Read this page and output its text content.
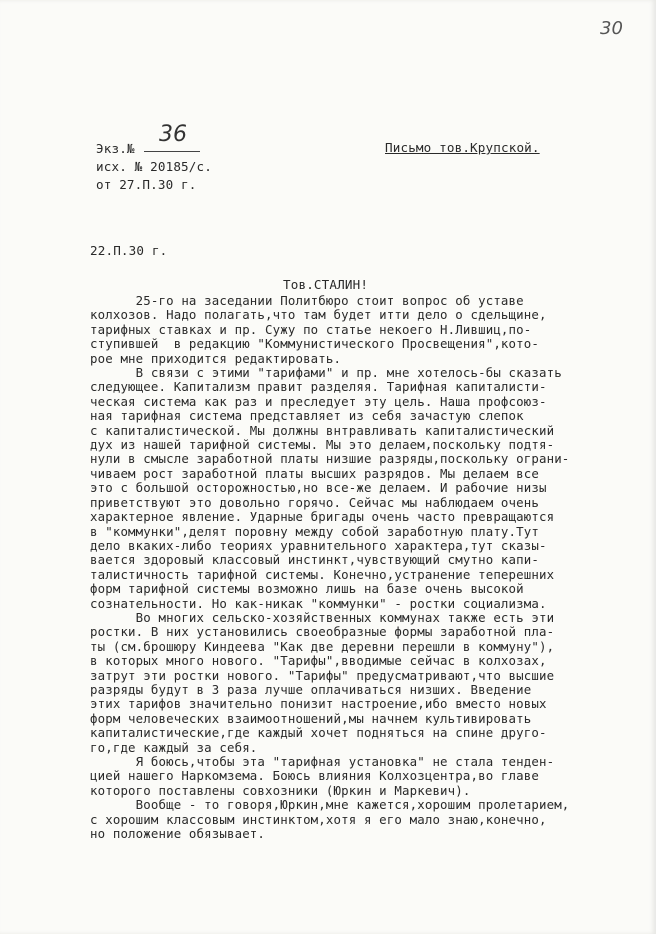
30
Экз.№
36
исх. № 20185/с.
от 27.П.30 г.
Письмо тов.Крупской.
22.П.30 г.
Тов.СТАЛИН!
25-го на заседании Политбюро стоит вопрос об уставе
колхозов. Надо полагать,что там будет итти дело о сдельщине,
тарифных ставках и пр. Сужу по статье некоего Н.Лившиц,по-
ступившей  в редакцию "Коммунистического Просвещения",кото-
рое мне приходится редактировать.
В связи с этими "тарифами" и пр. мне хотелось-бы сказать
следующее. Капитализм правит разделяя. Тарифная капиталисти-
ческая система как раз и преследует эту цель. Наша профсоюз-
ная тарифная система представляет из себя зачастую слепок
с капиталистической. Мы должны внтравливать капиталистический
дух из нашей тарифной системы. Мы это делаем,поскольку подтя-
нули в смысле заработной платы низшие разряды,поскольку ограни-
чиваем рост заработной платы высших разрядов. Мы делаем все
это с большой осторожностью,но все-же делаем. И рабочие низы
приветствуют это довольно горячо. Сейчас мы наблюдаем очень
характерное явление. Ударные бригады очень часто превращаются
в "коммунки",делят поровну между собой заработную плату.Тут
дело вкаких-либо теориях уравнительного характера,тут сказы-
вается здоровый классовый инстинкт,чувствующий смутно капи-
талистичность тарифной системы. Конечно,устранение теперешних
форм тарифной системы возможно лишь на базе очень высокой
сознательности. Но как-никак "коммунки" - ростки социализма.
Во многих сельско-хозяйственных коммунах также есть эти
ростки. В них установились своеобразные формы заработной пла-
ты (см.брошюру Киндеева "Как две деревни перешли в коммуну"),
в которых много нового. "Тарифы",вводимые сейчас в колхозах,
затрут эти ростки нового. "Тарифы" предусматривают,что высшие
разряды будут в 3 раза лучше оплачиваться низших. Введение
этих тарифов значительно понизит настроение,ибо вместо новых
форм человеческих взаимоотношений,мы начнем культивировать
капиталистические,где каждый хочет подняться на спине друго-
го,где каждый за себя.
Я боюсь,чтобы эта "тарифная установка" не стала тенден-
цией нашего Наркомзема. Боюсь влияния Колхозцентра,во главе
которого поставлены совхозники (Юркин и Маркевич).
Вообще - то говоря,Юркин,мне кажется,хорошим пролетарием,
с хорошим классовым инстинктом,хотя я его мало знаю,конечно,
но положение обязывает.
